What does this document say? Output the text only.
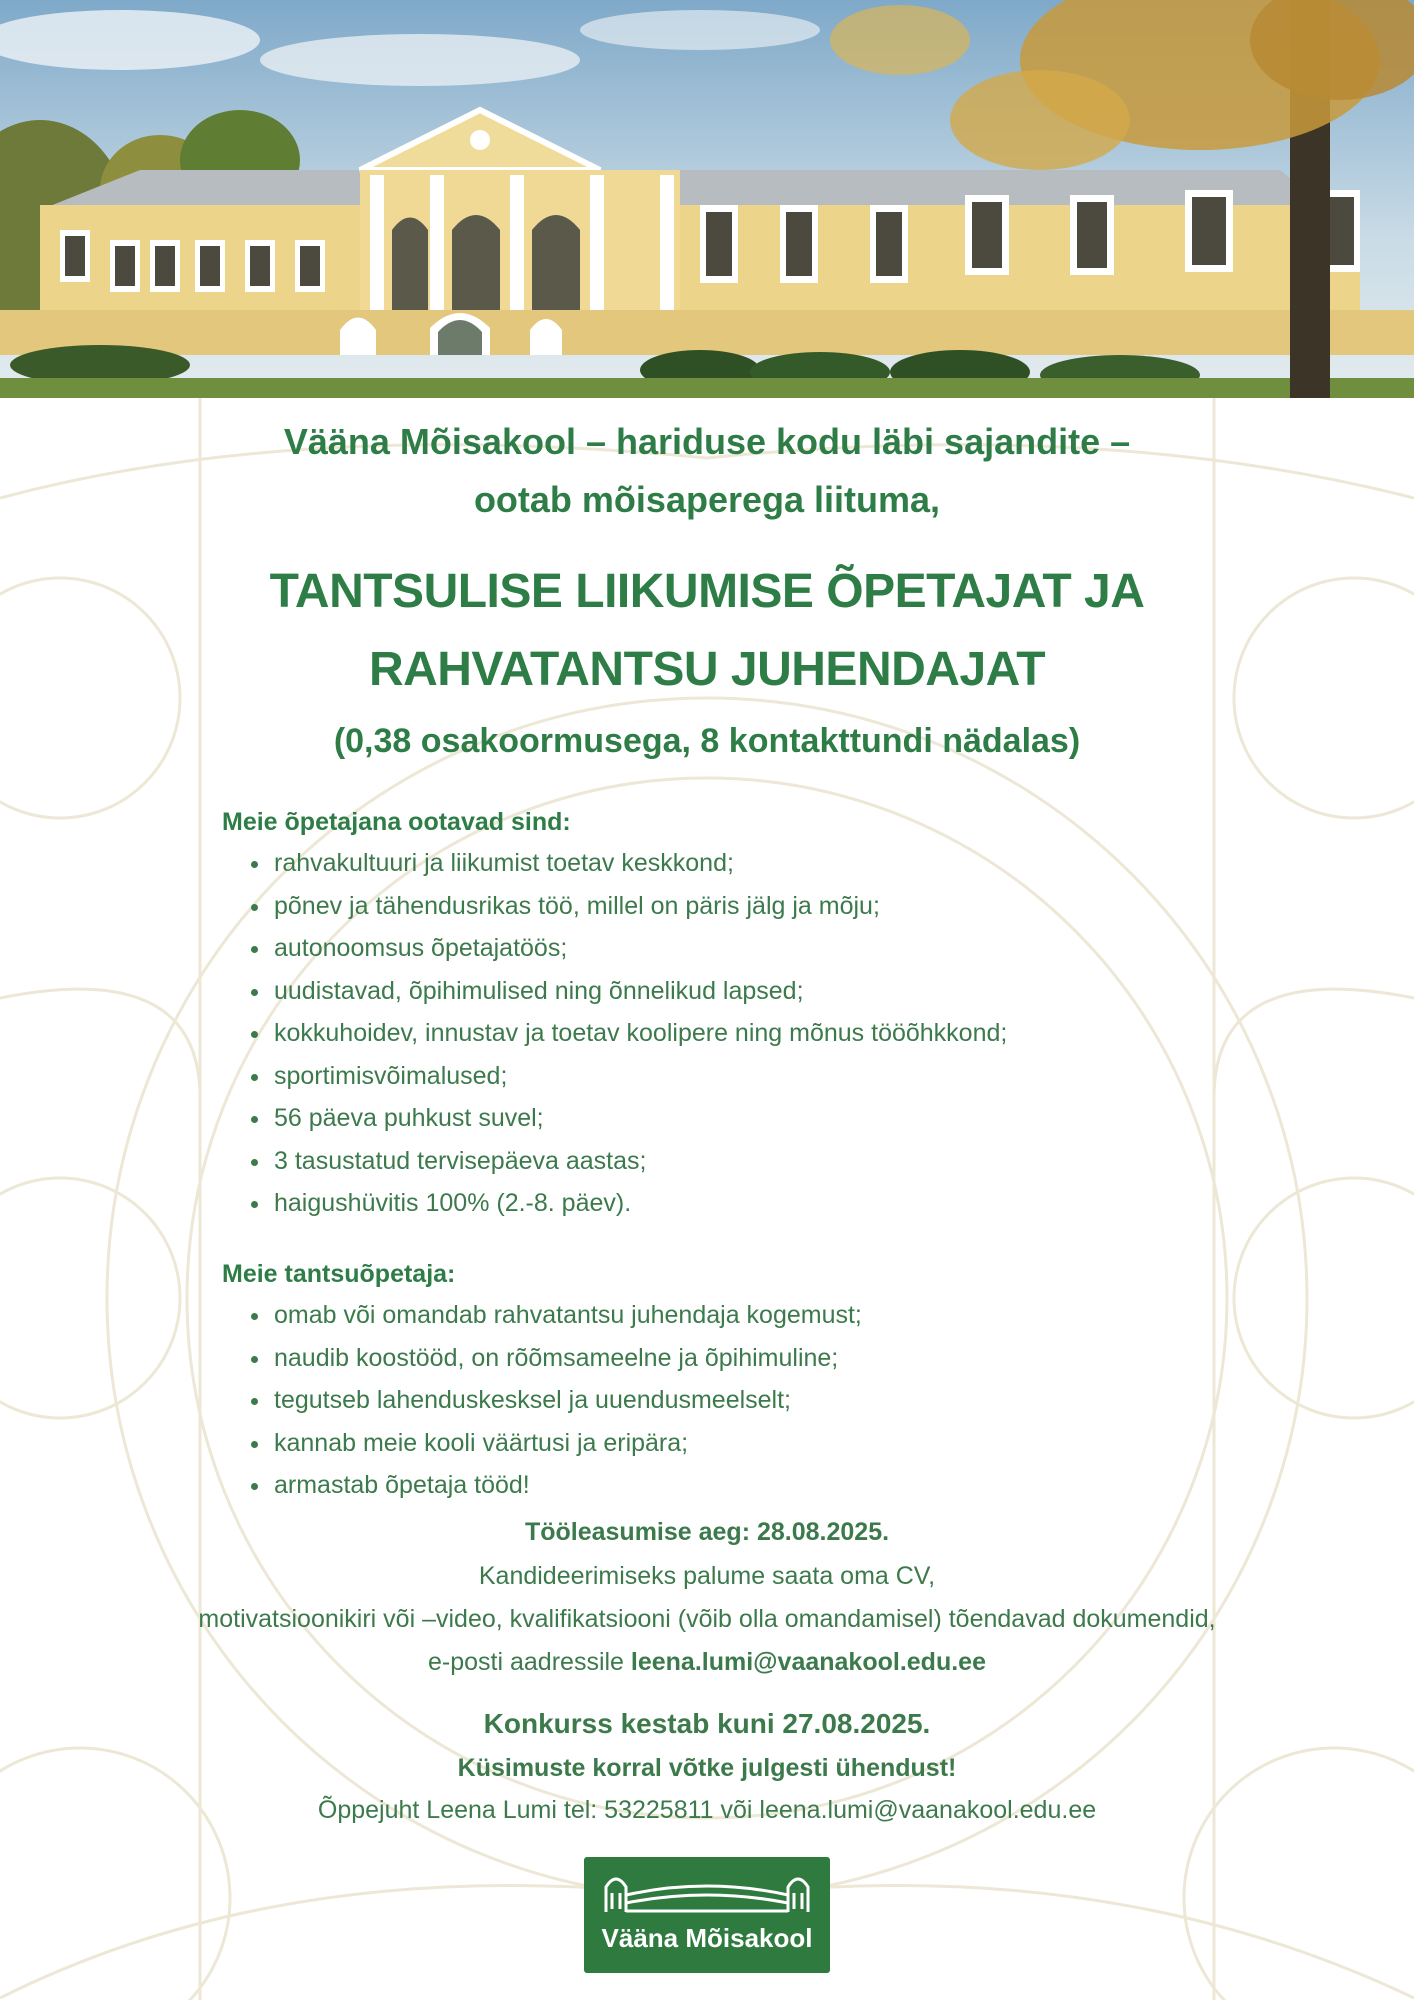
Vääna Mõisakool – hariduse kodu läbi sajandite –
ootab mõisaperega liituma,
TANTSULISE LIIKUMISE ÕPETAJAT JA
RAHVATANTSU JUHENDAJAT
(0,38 osakoormusega, 8 kontakttundi nädalas)
Meie õpetajana ootavad sind:
• rahvakultuuri ja liikumist toetav keskkond;
• põnev ja tähendusrikas töö, millel on päris jälg ja mõju;
• autonoomsus õpetajatöös;
• uudistavad, õpihimulised ning õnnelikud lapsed;
• kokkuhoidev, innustav ja toetav koolipere ning mõnus tööõhkkond;
• sportimisvõimalused;
• 56 päeva puhkust suvel;
• 3 tasustatud tervisepäeva aastas;
• haigushüvitis 100% (2.-8. päev).
Meie tantsuõpetaja:
• omab või omandab rahvatantsu juhendaja kogemust;
• naudib koostööd, on rõõmsameelne ja õpihimuline;
• tegutseb lahenduskesksel ja uuendusmeelselt;
• kannab meie kooli väärtusi ja eripära;
• armastab õpetaja tööd!
Tööleasumise aeg: 28.08.2025.
Kandideerimiseks palume saata oma CV,
motivatsioonikiri või –video, kvalifikatsiooni (võib olla omandamisel) tõendavad dokumendid,
e-posti aadressile leena.lumi@vaanakool.edu.ee
Konkurss kestab kuni 27.08.2025.
Küsimuste korral võtke julgesti ühendust!
Õppejuht Leena Lumi tel: 53225811 või leena.lumi@vaanakool.edu.ee
Vääna Mõisakool
